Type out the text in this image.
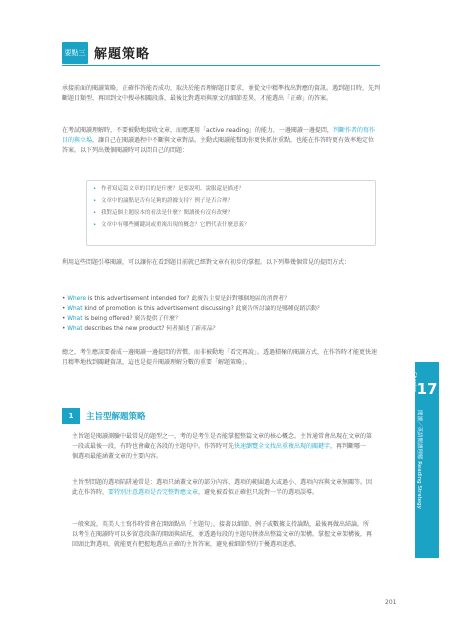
要點三 解題策略

承接前面的閱讀策略，正確作答能否成功，取決於能否理解題目要求，並從文中精準找出對應的資訊。遇到題目時，先判斷題目類型，再回到文中搜尋相關段落，最後比對選項與原文的細節差異，才能選出「正確」的答案。

在考試閱讀理解時，不要被動地接收文章，而應運用「active reading」的能力，一邊閱讀一邊提問，判斷作者的寫作目的與立場，讓自己在閱讀過程中不斷與文章對話。主動式閱讀能幫助你更快抓住重點，也能在作答時更有效率地定位答案。以下列出幾個閱讀時可以問自己的問題：

• 作者寫這篇文章的目的是什麼？是要說明、說服還是描述？
• 文章中的論點是否有足夠的證據支持？例子是否合理？
• 我對這個主題原本的看法是什麼？閱讀後有沒有改變？
• 文章中有哪些關鍵詞或重複出現的概念？它們代表什麼意義？

利用這些問題引導閱讀，可以讓你在看到題目前就已經對文章有初步的掌握。以下列舉幾個常見的提問方式：

• Where is this advertisement intended for? 此廣告主要是針對哪個地區的消費者？
• What kind of promotion is this advertisement discussing? 此廣告所討論的是哪種促銷活動？
• What is being offered? 廣告提供了什麼？
• What describes the new product? 何者描述了新產品？

總之，考生應該要養成一邊閱讀一邊提問的習慣，而非被動地「看完再說」。透過積極的閱讀方式，在作答時才能更快速且精準地找到關鍵資訊，這也是提升閱讀理解分數的重要「解題策略」。

1	主旨型解題策略

主旨題是閱讀測驗中最常見的題型之一，考的是考生是否能掌握整篇文章的核心概念。主旨通常會出現在文章的第一段或最後一段，有時也會藏在各段的主題句中。作答時可先快速瀏覽全文找出重複出現的關鍵字，再判斷哪一個選項最能涵蓋文章的主要內容。

主旨型問題的選項陷阱通常是：選項只涵蓋文章的部分內容、選項的範圍過大或過小、選項內容與文章無關等。因此在作答時，要特別注意選項是否完整對應文章，避免被看似正確但只說對一半的選項誤導。

一般來說，英美人士寫作時常會在開頭點出「主題句」，接著以細節、例子或數據支持論點，最後再做出結論。所以考生在閱讀時可以多留意段落的開頭與結尾，並透過每段的主題句拼湊出整篇文章的架構。掌握文章架構後，再回頭比對選項，就能更有把握地選出正確的主旨答案，避免被細節型的干擾選項迷惑。

Chapter 17
閱讀／英語閱讀理解 Reading Strategy
201
